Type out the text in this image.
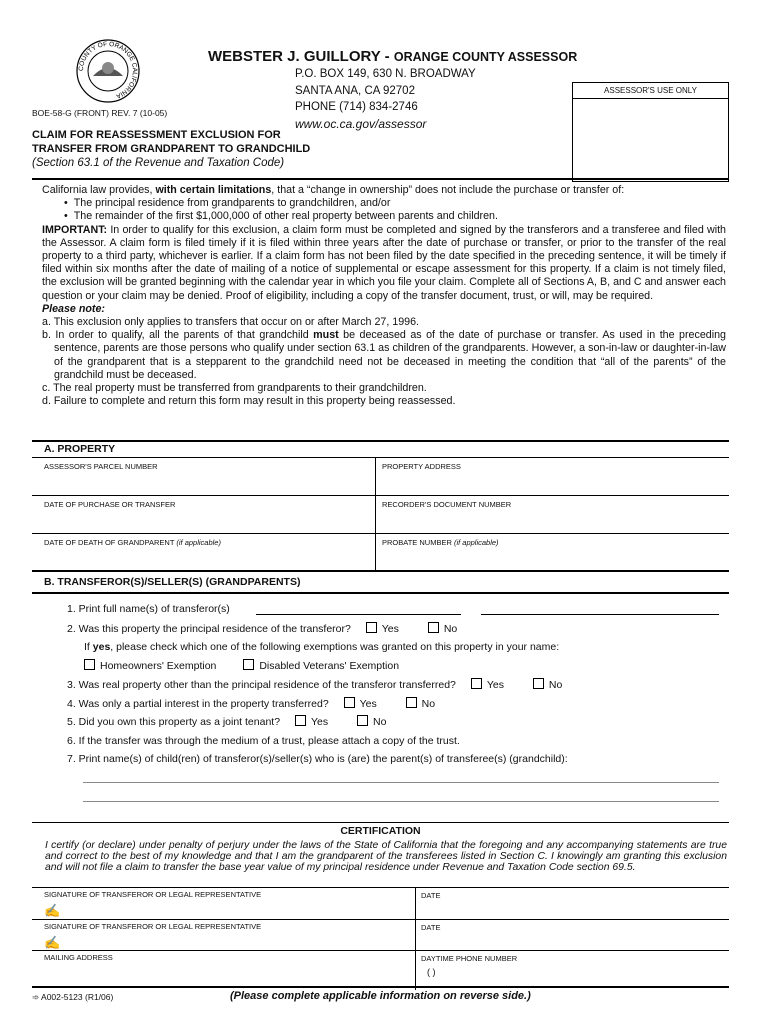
COUNTY OF ORANGE CALIFORNIA
WEBSTER J. GUILLORY - ORANGE COUNTY ASSESSOR
P.O. BOX 149, 630 N. BROADWAY
SANTA ANA, CA 92702
PHONE (714) 834-2746
www.oc.ca.gov/assessor
BOE-58-G (FRONT) REV. 7 (10-05)
ASSESSOR'S USE ONLY
CLAIM FOR REASSESSMENT EXCLUSION FOR
TRANSFER FROM GRANDPARENT TO GRANDCHILD
(Section 63.1 of the Revenue and Taxation Code)

California law provides, with certain limitations, that a “change in ownership” does not include the purchase or transfer of:

• The principal residence from grandparents to grandchildren, and/or

• The remainder of the first $1,000,000 of other real property between parents and children.

IMPORTANT: In order to qualify for this exclusion, a claim form must be completed and signed by the transferors and a transferee and filed with the Assessor. A claim form is filed timely if it is filed within three years after the date of purchase or transfer, or prior to the transfer of the real property to a third party, whichever is earlier. If a claim form has not been filed by the date specified in the preceding sentence, it will be timely if filed within six months after the date of mailing of a notice of supplemental or escape assessment for this property. If a claim is not timely filed, the exclusion will be granted beginning with the calendar year in which you file your claim. Complete all of Sections A, B, and C and answer each question or your claim may be denied. Proof of eligibility, including a copy of the transfer document, trust, or will, may be required.

Please note:

a. This exclusion only applies to transfers that occur on or after March 27, 1996.

b. In order to qualify, all the parents of that grandchild must be deceased as of the date of purchase or transfer. As used in the preceding sentence, parents are those persons who qualify under section 63.1 as children of the grandparents. However, a son-in-law or daughter-in-law of the grandparent that is a stepparent to the grandchild need not be deceased in meeting the condition that “all of the parents” of the grandchild must be deceased.

c. The real property must be transferred from grandparents to their grandchildren.

d. Failure to complete and return this form may result in this property being reassessed.

A. PROPERTY
ASSESSOR'S PARCEL NUMBER	PROPERTY ADDRESS
DATE OF PURCHASE OR TRANSFER	RECORDER'S DOCUMENT NUMBER
DATE OF DEATH OF GRANDPARENT (if applicable)	PROBATE NUMBER (if applicable)
B. TRANSFEROR(S)/SELLER(S) (GRANDPARENTS)
1. Print full name(s) of transferor(s)
2. Was this property the principal residence of the transferor?	Yes	No
If yes, please check which one of the following exemptions was granted on this property in your name:
Homeowners' Exemption	Disabled Veterans' Exemption
3. Was real property other than the principal residence of the transferor transferred?	Yes	No
4. Was only a partial interest in the property transferred?	Yes	No
5. Did you own this property as a joint tenant?	Yes	No
6. If the transfer was through the medium of a trust, please attach a copy of the trust.
7. Print name(s) of child(ren) of transferor(s)/seller(s) who is (are) the parent(s) of transferee(s) (grandchild):
CERTIFICATION
I certify (or declare) under penalty of perjury under the laws of the State of California that the foregoing and any accompanying statements are true and correct to the best of my knowledge and that I am the grandparent of the transferees listed in Section C. I knowingly am granting this exclusion and will not file a claim to transfer the base year value of my principal residence under Revenue and Taxation Code section 69.5.
SIGNATURE OF TRANSFEROR OR LEGAL REPRESENTATIVE
✍
DATE
SIGNATURE OF TRANSFEROR OR LEGAL REPRESENTATIVE
✍
DATE
MAILING ADDRESS	DAYTIME PHONE NUMBER
( )
➾ A002-5123 (R1/06)	(Please complete applicable information on reverse side.)
